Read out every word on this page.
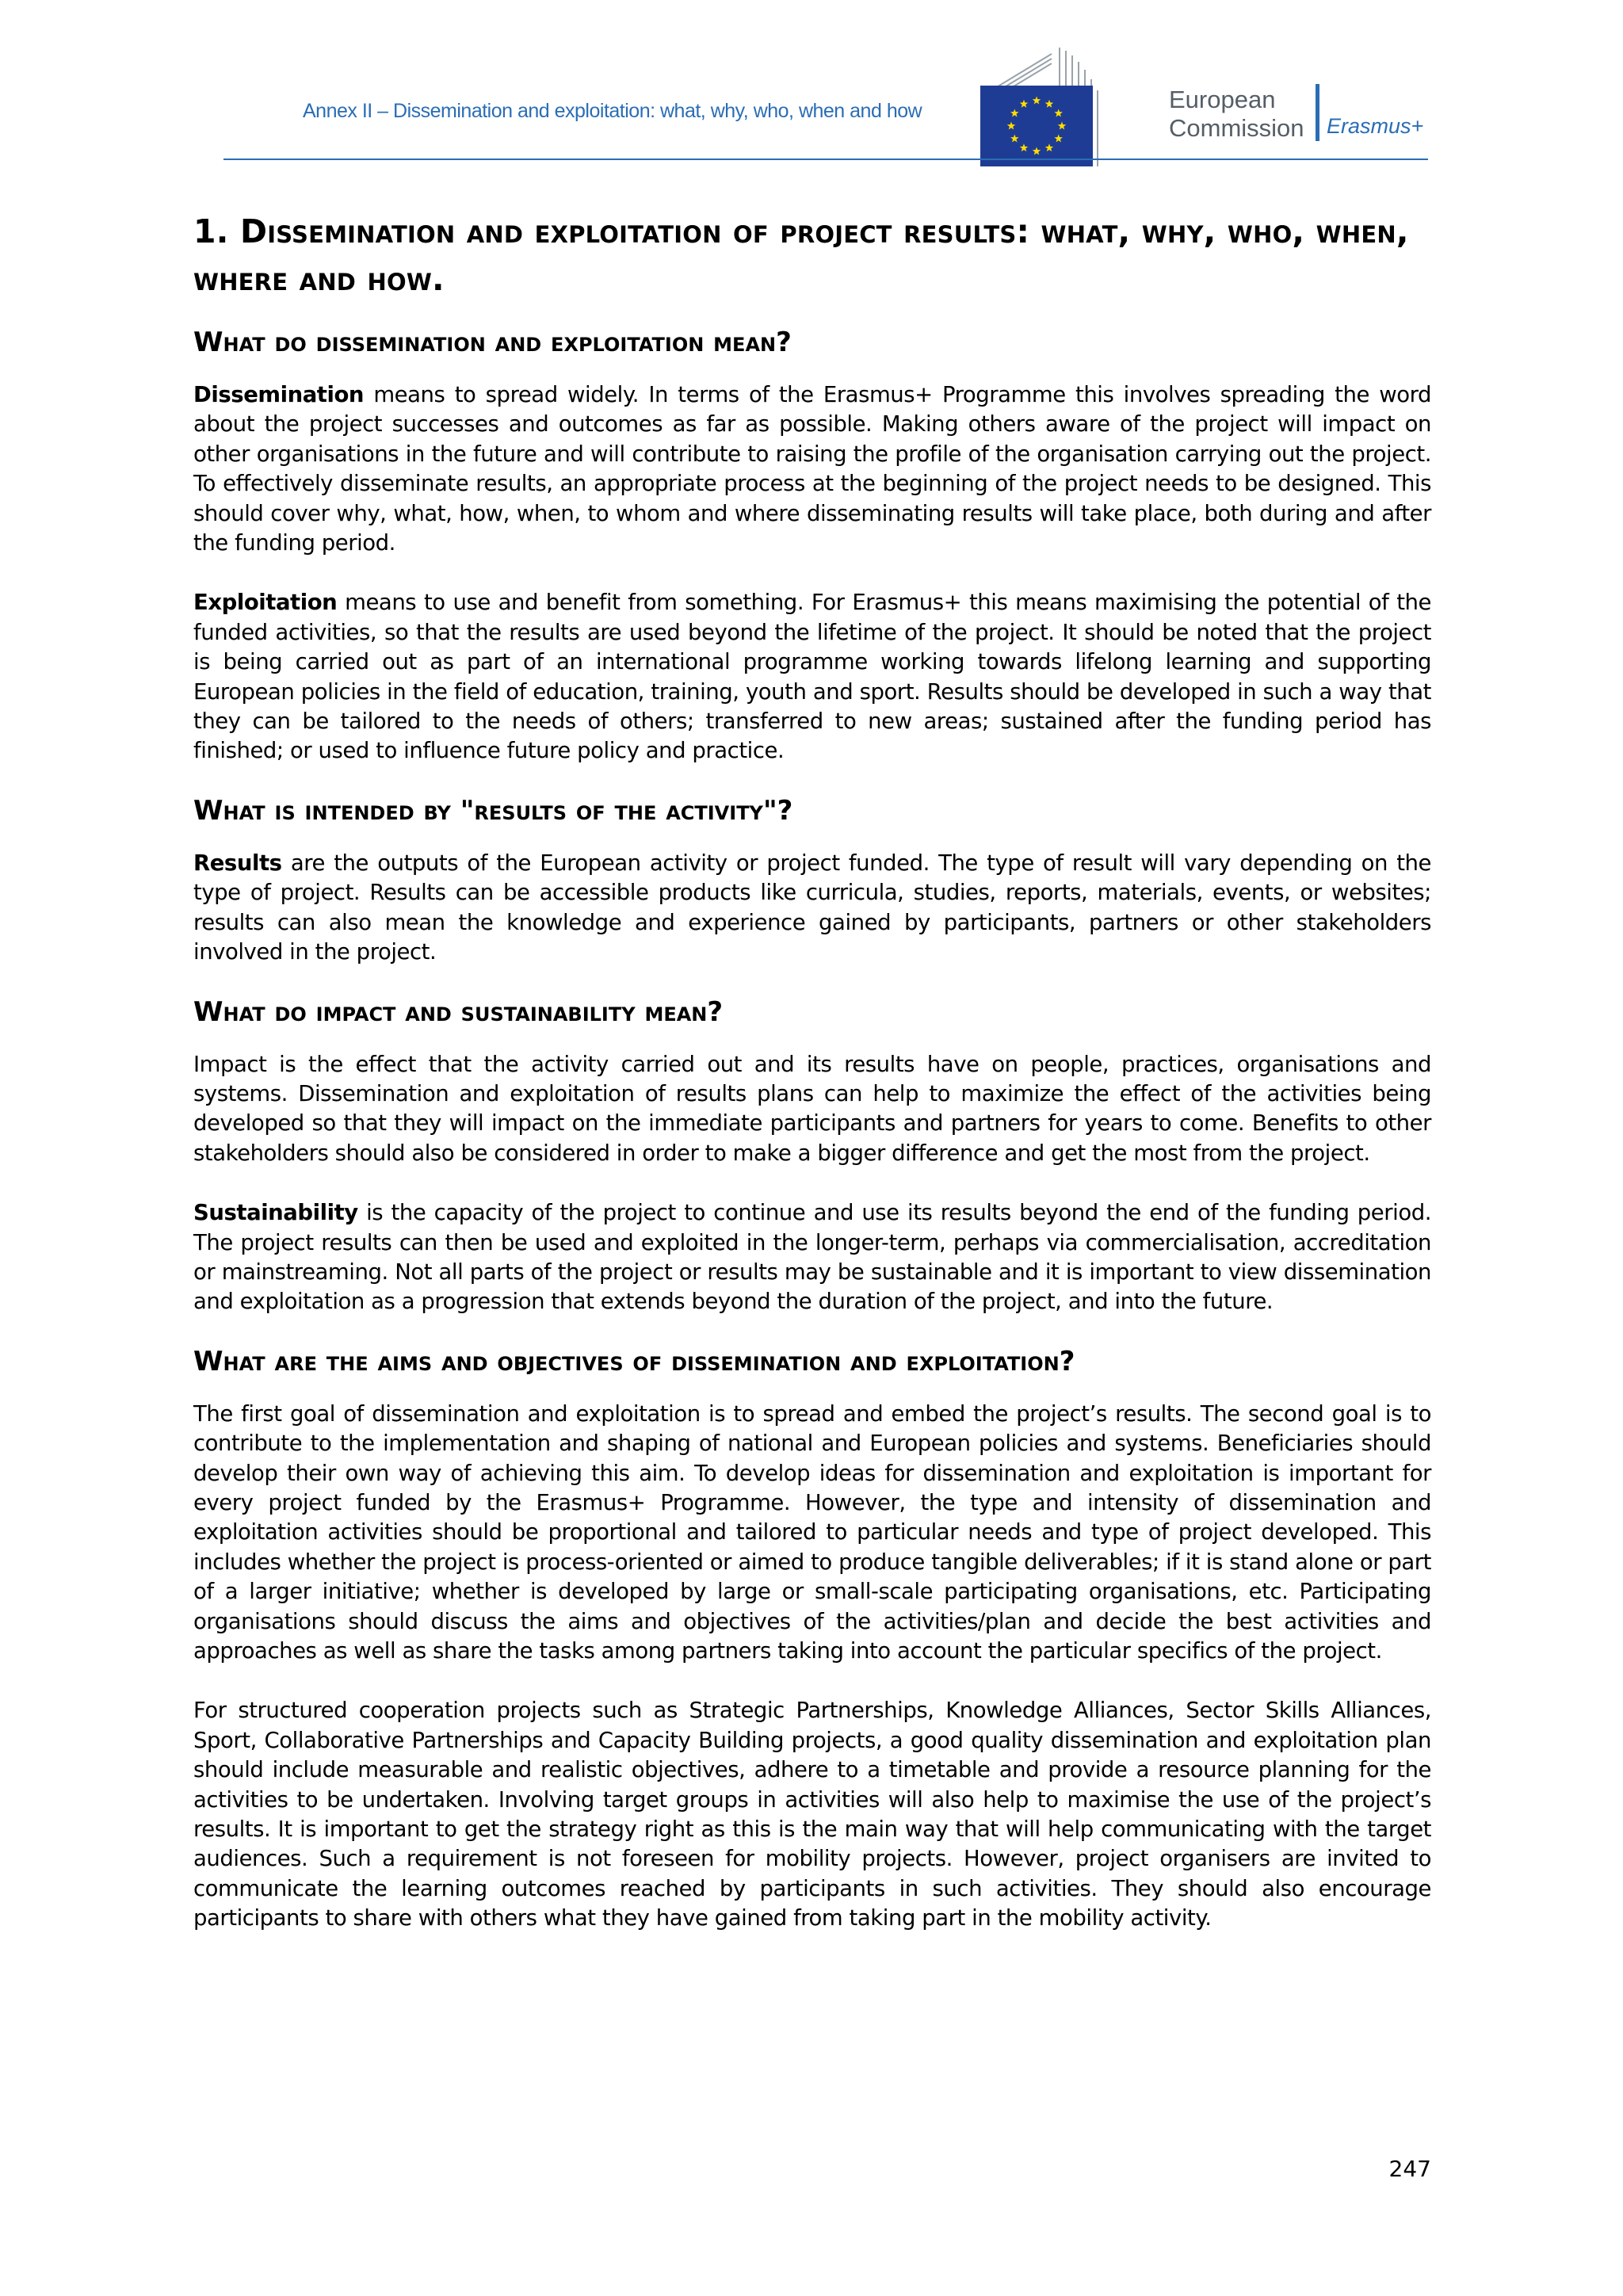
Annex II – Dissemination and exploitation: what, why, who, when and how	European
Commission Erasmus+
1. Dissemination and exploitation of project results: what, why, who, when, where and how.
What do dissemination and exploitation mean?

Dissemination means to spread widely. In terms of the Erasmus+ Programme this involves spreading the word about the project successes and outcomes as far as possible. Making others aware of the project will impact on other organisations in the future and will contribute to raising the profile of the organisation carrying out the project. To effectively disseminate results, an appropriate process at the beginning of the project needs to be designed. This should cover why, what, how, when, to whom and where disseminating results will take place, both during and after the funding period.

Exploitation means to use and benefit from something. For Erasmus+ this means maximising the potential of the funded activities, so that the results are used beyond the lifetime of the project. It should be noted that the project is being carried out as part of an international programme working towards lifelong learning and supporting European policies in the field of education, training, youth and sport. Results should be developed in such a way that they can be tailored to the needs of others; transferred to new areas; sustained after the funding period has finished; or used to influence future policy and practice.

What is intended by "results of the activity"?

Results are the outputs of the European activity or project funded. The type of result will vary depending on the type of project. Results can be accessible products like curricula, studies, reports, materials, events, or websites; results can also mean the knowledge and experience gained by participants, partners or other stakeholders involved in the project.

What do impact and sustainability mean?

Impact is the effect that the activity carried out and its results have on people, practices, organisations and systems. Dissemination and exploitation of results plans can help to maximize the effect of the activities being developed so that they will impact on the immediate participants and partners for years to come. Benefits to other stakeholders should also be considered in order to make a bigger difference and get the most from the project.

Sustainability is the capacity of the project to continue and use its results beyond the end of the funding period. The project results can then be used and exploited in the longer-term, perhaps via commercialisation, accreditation or mainstreaming. Not all parts of the project or results may be sustainable and it is important to view dissemination and exploitation as a progression that extends beyond the duration of the project, and into the future.

What are the aims and objectives of dissemination and exploitation?

The first goal of dissemination and exploitation is to spread and embed the project’s results. The second goal is to contribute to the implementation and shaping of national and European policies and systems. Beneficiaries should develop their own way of achieving this aim. To develop ideas for dissemination and exploitation is important for every project funded by the Erasmus+ Programme. However, the type and intensity of dissemination and exploitation activities should be proportional and tailored to particular needs and type of project developed. This includes whether the project is process-oriented or aimed to produce tangible deliverables; if it is stand alone or part of a larger initiative; whether is developed by large or small-scale participating organisations, etc. Participating organisations should discuss the aims and objectives of the activities/plan and decide the best activities and approaches as well as share the tasks among partners taking into account the particular specifics of the project.

For structured cooperation projects such as Strategic Partnerships, Knowledge Alliances, Sector Skills Alliances, Sport, Collaborative Partnerships and Capacity Building projects, a good quality dissemination and exploitation plan should include measurable and realistic objectives, adhere to a timetable and provide a resource planning for the activities to be undertaken. Involving target groups in activities will also help to maximise the use of the project’s results. It is important to get the strategy right as this is the main way that will help communicating with the target audiences. Such a requirement is not foreseen for mobility projects. However, project organisers are invited to communicate the learning outcomes reached by participants in such activities. They should also encourage participants to share with others what they have gained from taking part in the mobility activity.

247
